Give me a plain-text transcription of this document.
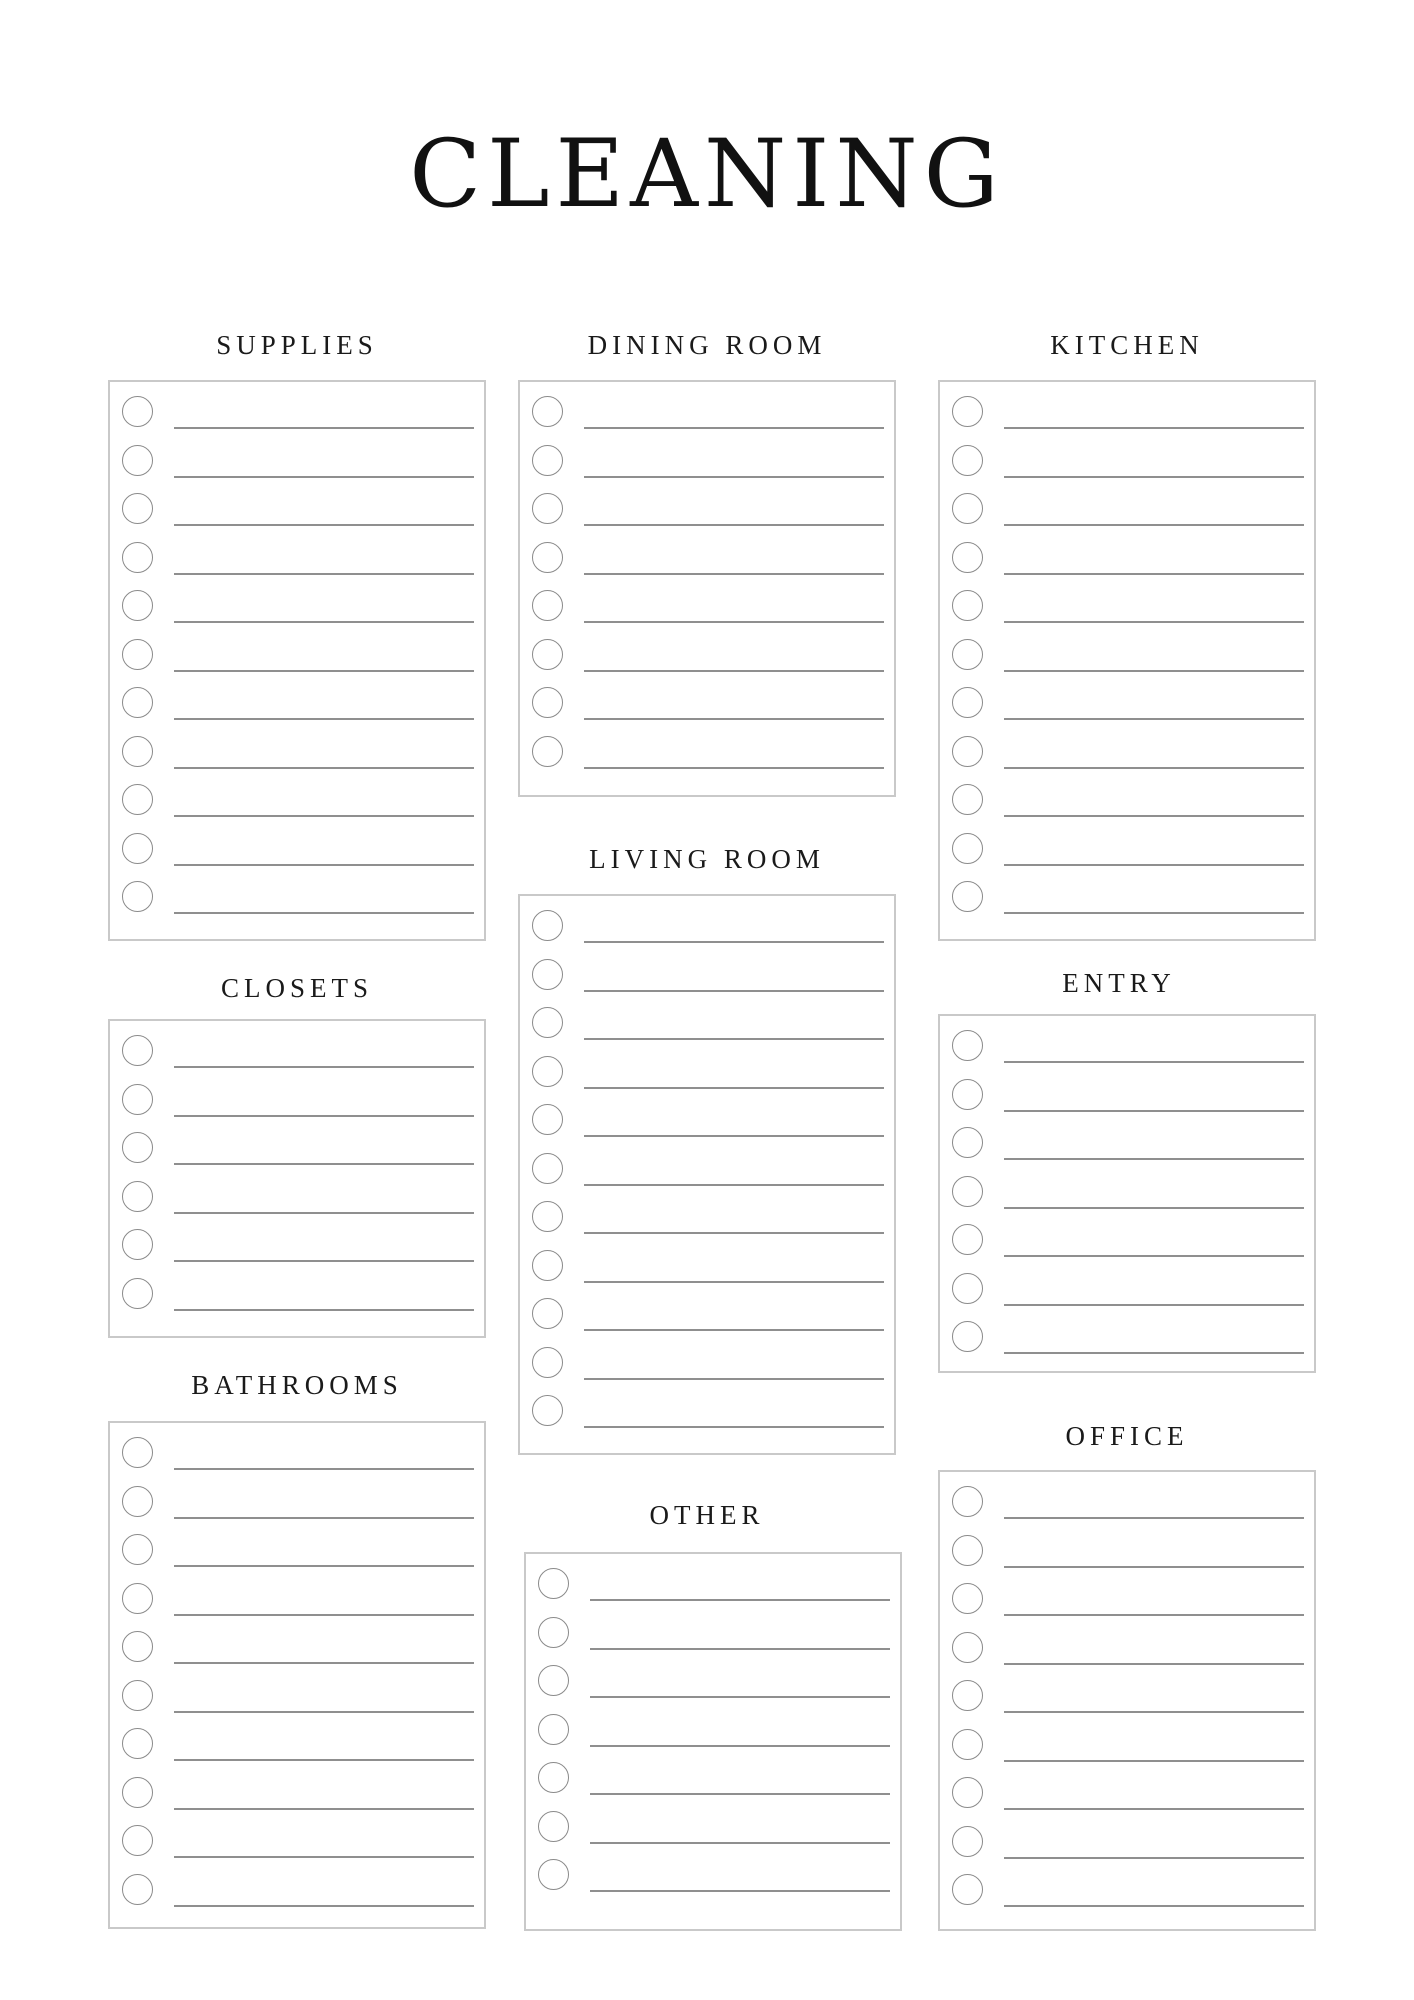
CLEANING
SUPPLIES	DINING ROOM	KITCHEN
CLOSETS
LIVING ROOM
ENTRY
BATHROOMS
OTHER
OFFICE
